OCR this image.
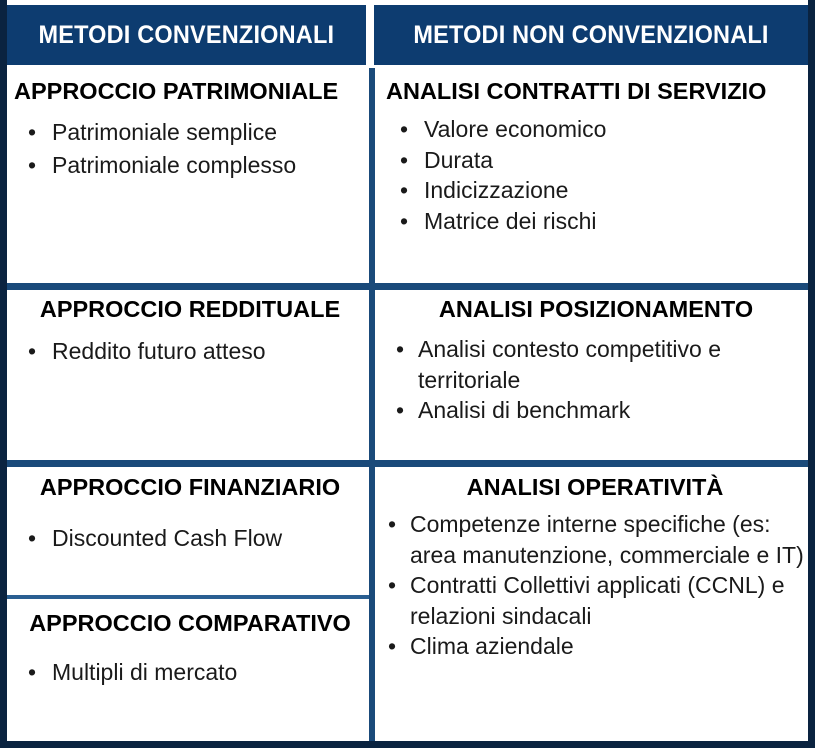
METODI CONVENZIONALI	METODI NON CONVENZIONALI
APPROCCIO PATRIMONIALE
• Patrimoniale semplice
• Patrimoniale complesso
APPROCCIO REDDITUALE
• Reddito futuro atteso
APPROCCIO FINANZIARIO
• Discounted Cash Flow
APPROCCIO COMPARATIVO
• Multipli di mercato
ANALISI CONTRATTI DI SERVIZIO
• Valore economico
• Durata
• Indicizzazione
• Matrice dei rischi
ANALISI POSIZIONAMENTO
• Analisi contesto competitivo e territoriale
• Analisi di benchmark
ANALISI OPERATIVITÀ
• Competenze interne specifiche (es: area manutenzione, commerciale e IT)
• Contratti Collettivi applicati (CCNL) e relazioni sindacali
• Clima aziendale
